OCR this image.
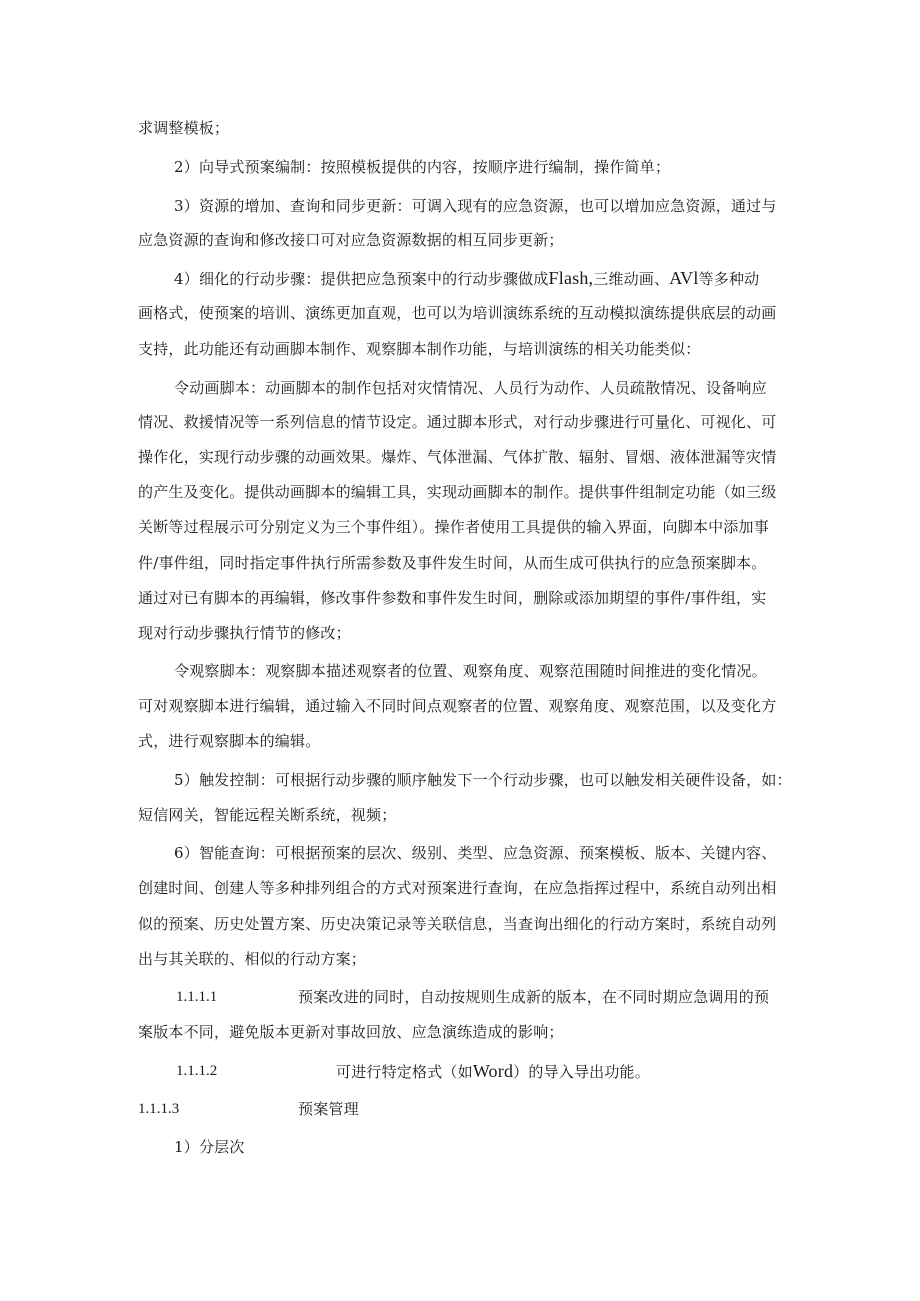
求调整模板；
2）向导式预案编制：按照模板提供的内容，按顺序进行编制，操作简单；
3）资源的增加、查询和同步更新：可调入现有的应急资源，也可以增加应急资源，通过与
应急资源的查询和修改接口可对应急资源数据的相互同步更新；
4）细化的行动步骤：提供把应急预案中的行动步骤做成Flash,三维动画、AVl等多种动
画格式，使预案的培训、演练更加直观，也可以为培训演练系统的互动模拟演练提供底层的动画
支持，此功能还有动画脚本制作、观察脚本制作功能，与培训演练的相关功能类似：
令动画脚本：动画脚本的制作包括对灾情情况、人员行为动作、人员疏散情况、设备响应
情况、救援情况等一系列信息的情节设定。通过脚本形式，对行动步骤进行可量化、可视化、可
操作化，实现行动步骤的动画效果。爆炸、气体泄漏、气体扩散、辐射、冒烟、液体泄漏等灾情
的产生及变化。提供动画脚本的编辑工具，实现动画脚本的制作。提供事件组制定功能（如三级
关断等过程展示可分别定义为三个事件组）。操作者使用工具提供的输入界面，向脚本中添加事
件/事件组，同时指定事件执行所需参数及事件发生时间，从而生成可供执行的应急预案脚本。
通过对已有脚本的再编辑，修改事件参数和事件发生时间，删除或添加期望的事件/事件组，实
现对行动步骤执行情节的修改；
令观察脚本：观察脚本描述观察者的位置、观察角度、观察范围随时间推进的变化情况。
可对观察脚本进行编辑，通过输入不同时间点观察者的位置、观察角度、观察范围，以及变化方
式，进行观察脚本的编辑。
5）触发控制：可根据行动步骤的顺序触发下一个行动步骤，也可以触发相关硬件设备，如：
短信网关，智能远程关断系统，视频；
6）智能查询：可根据预案的层次、级别、类型、应急资源、预案模板、版本、关键内容、
创建时间、创建人等多种排列组合的方式对预案进行查询，在应急指挥过程中，系统自动列出相
似的预案、历史处置方案、历史决策记录等关联信息，当查询出细化的行动方案时，系统自动列
出与其关联的、相似的行动方案；
1.1.1.1	预案改进的同时，自动按规则生成新的版本，在不同时期应急调用的预
案版本不同，避免版本更新对事故回放、应急演练造成的影响；
1.1.1.2	可进行特定格式（如Word）的导入导出功能。
1.1.1.3	预案管理
1）分层次
